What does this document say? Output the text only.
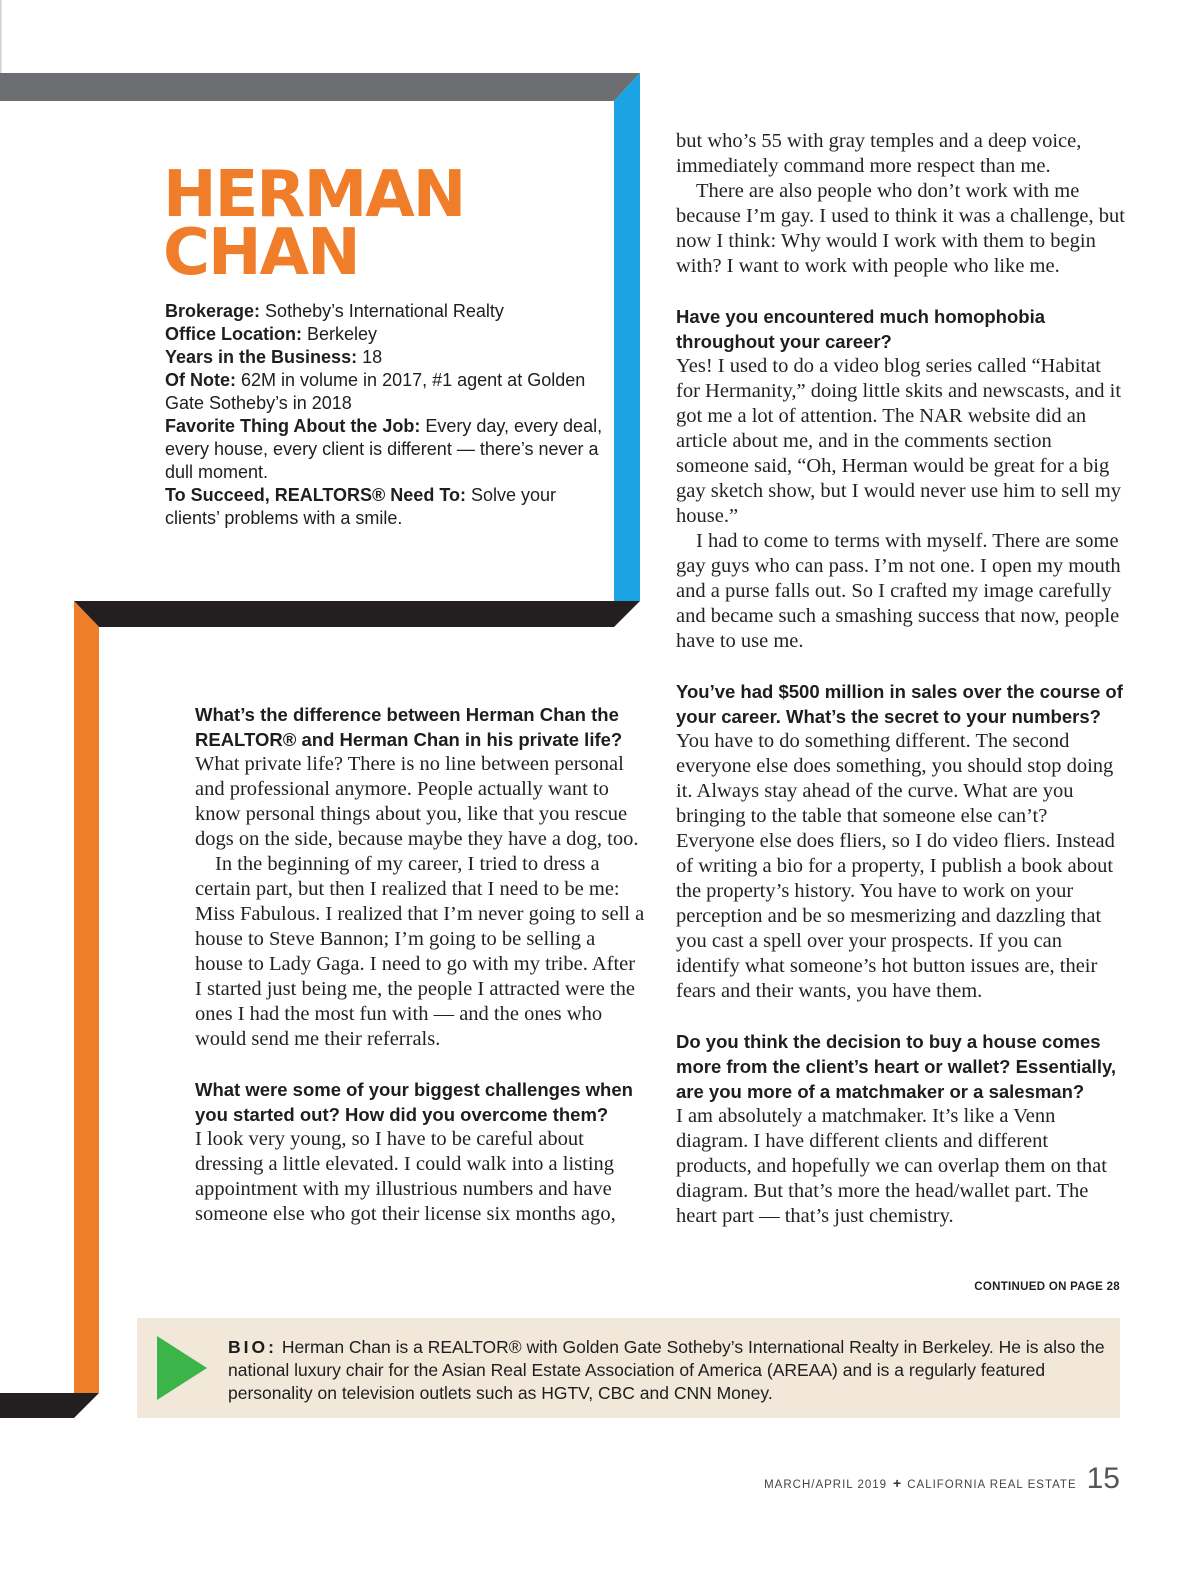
HERMAN
CHAN
Brokerage: Sotheby’s International Realty
Office Location: Berkeley
Years in the Business: 18
Of Note: 62M in volume in 2017, #1 agent at Golden Gate Sotheby’s in 2018
Favorite Thing About the Job: Every day, every deal, every house, every client is different — there’s never a dull moment.
To Succeed, REALTORS® Need To: Solve your clients’ problems with a smile.
What’s the difference between Herman Chan the REALTOR® and Herman Chan in his private life?

What private life? There is no line between personal and professional anymore. People actually want to know personal things about you, like that you rescue dogs on the side, because maybe they have a dog, too.

In the beginning of my career, I tried to dress a certain part, but then I realized that I need to be me: Miss Fabulous. I realized that I’m never going to sell a house to Steve Bannon; I’m going to be selling a house to Lady Gaga. I need to go with my tribe. After I started just being me, the people I attracted were the ones I had the most fun with — and the ones who would send me their referrals.

What were some of your biggest challenges when you started out? How did you overcome them?

I look very young, so I have to be careful about dressing a little elevated. I could walk into a listing appointment with my illustrious numbers and have someone else who got their license six months ago,

but who’s 55 with gray temples and a deep voice, immediately command more respect than me.

There are also people who don’t work with me because I’m gay. I used to think it was a challenge, but now I think: Why would I work with them to begin with? I want to work with people who like me.

Have you encountered much homophobia throughout your career?

Yes! I used to do a video blog series called “Habitat for Hermanity,” doing little skits and newscasts, and it got me a lot of attention. The NAR website did an article about me, and in the comments section someone said, “Oh, Herman would be great for a big gay sketch show, but I would never use him to sell my house.”

I had to come to terms with myself. There are some gay guys who can pass. I’m not one. I open my mouth and a purse falls out. So I crafted my image carefully and became such a smashing success that now, people have to use me.

You’ve had $500 million in sales over the course of your career. What’s the secret to your numbers?

You have to do something different. The second everyone else does something, you should stop doing it. Always stay ahead of the curve. What are you bringing to the table that someone else can’t? Everyone else does fliers, so I do video fliers. Instead of writing a bio for a property, I publish a book about the property’s history. You have to work on your perception and be so mesmerizing and dazzling that you cast a spell over your prospects. If you can identify what someone’s hot button issues are, their fears and their wants, you have them.

Do you think the decision to buy a house comes more from the client’s heart or wallet? Essentially, are you more of a matchmaker or a salesman?

I am absolutely a matchmaker. It’s like a Venn diagram. I have different clients and different products, and hopefully we can overlap them on that diagram. But that’s more the head/wallet part. The heart part — that’s just chemistry.

CONTINUED ON PAGE 28

BIO: Herman Chan is a REALTOR® with Golden Gate Sotheby’s International Realty in Berkeley. He is also the national luxury chair for the Asian Real Estate Association of America (AREAA) and is a regularly featured personality on television outlets such as HGTV, CBC and CNN Money.

MARCH/APRIL 2019 + CALIFORNIA REAL ESTATE 15
